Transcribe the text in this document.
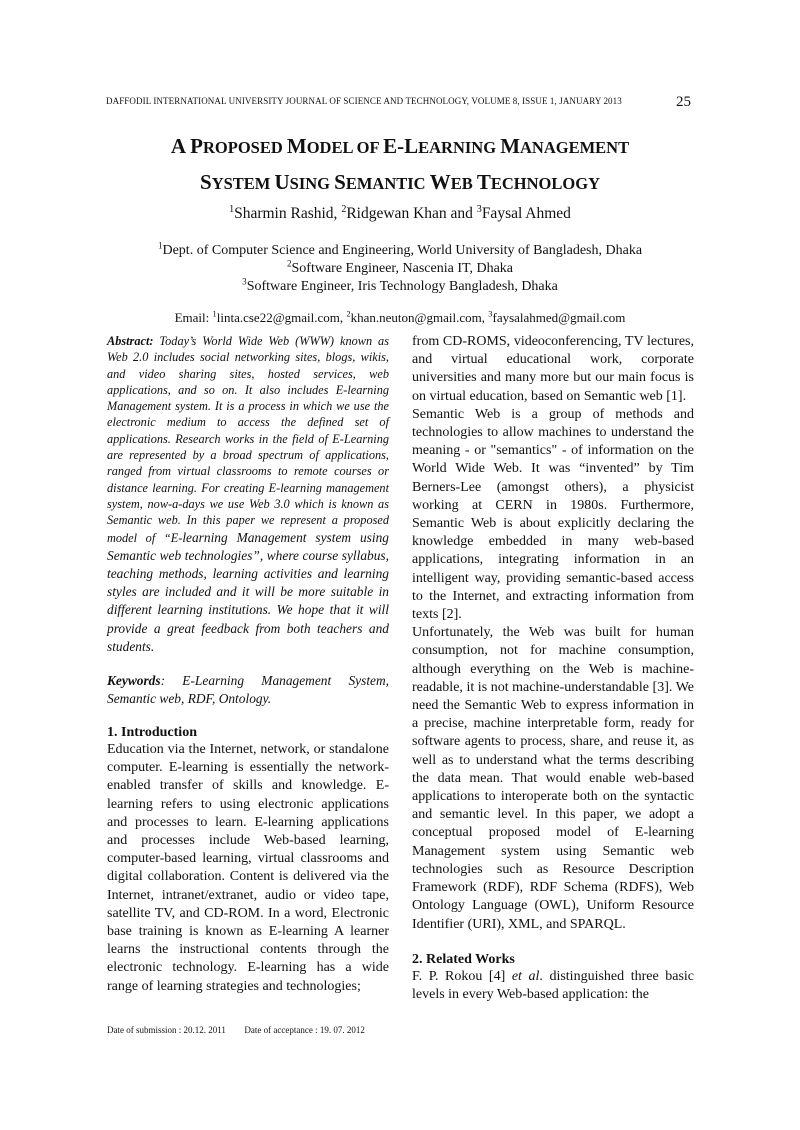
DAFFODIL INTERNATIONAL UNIVERSITY JOURNAL OF SCIENCE AND TECHNOLOGY, VOLUME 8, ISSUE 1, JANUARY 2013	25
A PROPOSED MODEL OF E-LEARNING MANAGEMENT
SYSTEM USING SEMANTIC WEB TECHNOLOGY
$^1$Sharmin Rashid, $^2$Ridgewan Khan and $^3$Faysal Ahmed
$^1$Dept. of Computer Science and Engineering, World University of Bangladesh, Dhaka
$^2$Software Engineer, Nascenia IT, Dhaka
$^3$Software Engineer, Iris Technology Bangladesh, Dhaka
Email: $^1$linta.cse22@gmail.com, $^2$khan.neuton@gmail.com, $^3$faysalahmed@gmail.com

Abstract: Today’s World Wide Web (WWW) known as Web 2.0 includes social networking sites, blogs, wikis, and video sharing sites, hosted services, web applications, and so on. It also includes E-learning Management system. It is a process in which we use the electronic medium to access the defined set of applications. Research works in the field of E-Learning are represented by a broad spectrum of applications, ranged from virtual classrooms to remote courses or distance learning. For creating E-learning management system, now-a-days we use Web 3.0 which is known as Semantic web. In this paper we represent a proposed model of “E-learning Management system using Semantic web technologies”, where course syllabus, teaching methods, learning activities and learning styles are included and it will be more suitable in different learning institutions. We hope that it will provide a great feedback from both teachers and students.

Keywords: E-Learning Management System, Semantic web, RDF, Ontology.
1. Introduction

Education via the Internet, network, or standalone computer. E-learning is essentially the network-enabled transfer of skills and knowledge. E-learning refers to using electronic applications and processes to learn. E-learning applications and processes include Web-based learning, computer-based learning, virtual classrooms and digital collaboration. Content is delivered via the Internet, intranet/extranet, audio or video tape, satellite TV, and CD-ROM. In a word, Electronic base training is known as E-learning A learner learns the instructional contents through the electronic technology. E-learning has a wide range of learning strategies and technologies;

from CD-ROMS, videoconferencing, TV lectures, and virtual educational work, corporate universities and many more but our main focus is on virtual education, based on Semantic web [1].

Semantic Web is a group of methods and technologies to allow machines to understand the meaning - or "semantics" - of information on the World Wide Web. It was “invented” by Tim Berners-Lee (amongst others), a physicist working at CERN in 1980s. Furthermore, Semantic Web is about explicitly declaring the knowledge embedded in many web-based applications, integrating information in an intelligent way, providing semantic-based access to the Internet, and extracting information from texts [2].

Unfortunately, the Web was built for human consumption, not for machine consumption, although everything on the Web is machine-readable, it is not machine-understandable [3]. We need the Semantic Web to express information in a precise, machine interpretable form, ready for software agents to process, share, and reuse it, as well as to understand what the terms describing the data mean. That would enable web-based applications to interoperate both on the syntactic and semantic level. In this paper, we adopt a conceptual proposed model of E-learning Management system using Semantic web technologies such as Resource Description Framework (RDF), RDF Schema (RDFS), Web Ontology Language (OWL), Uniform Resource Identifier (URI), XML, and SPARQL.

2. Related Works

F. P. Rokou [4] et al. distinguished three basic levels in every Web-based application: the

Date of submission : 20.12. 2011 Date of acceptance : 19. 07. 2012
